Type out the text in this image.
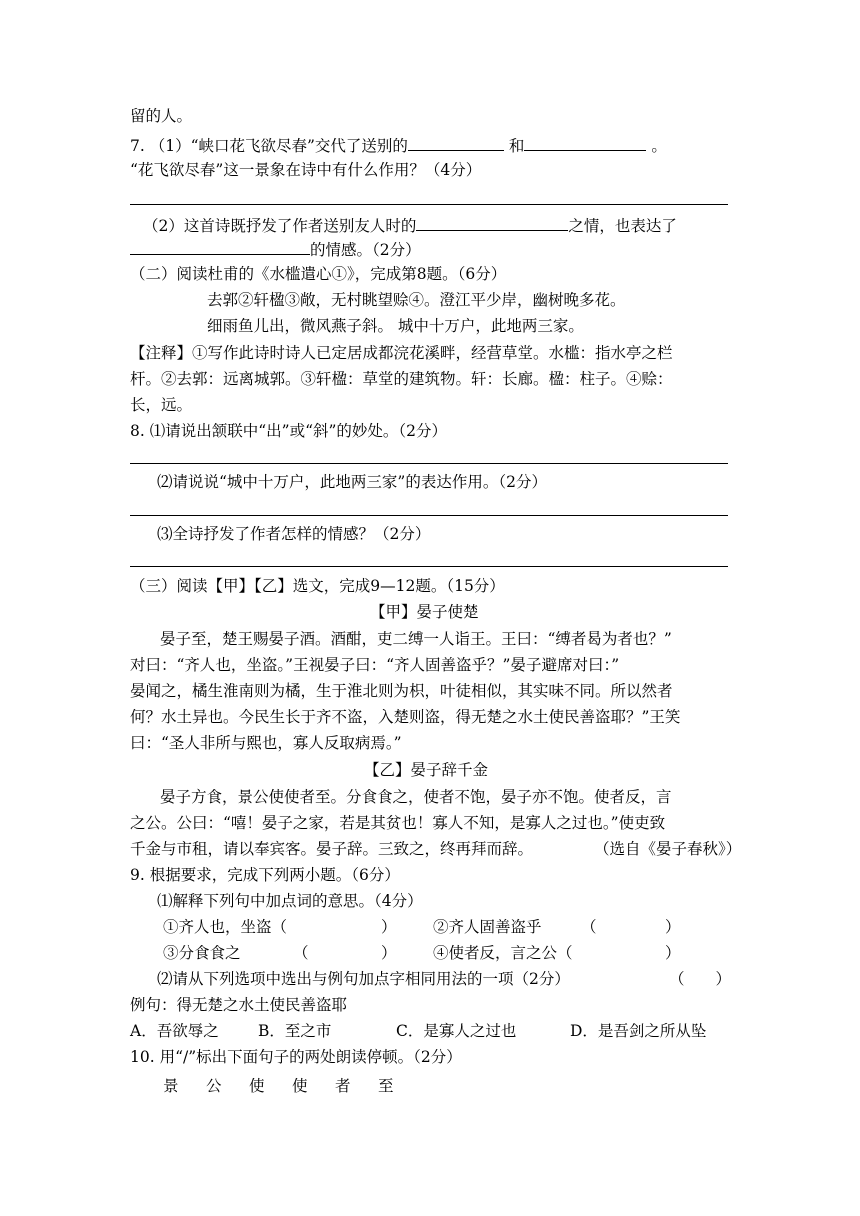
留的人。
7. （1）“峡口花飞欲尽春”交代了送别的	和	。
“花飞欲尽春”这一景象在诗中有什么作用？（4分）
（2）这首诗既抒发了作者送别友人时的	之情，也表达了
的情感。（2分）
（二）阅读杜甫的《水槛遣心①》，完成第8题。（6分）
去郭②轩楹③敞，无村眺望赊④。澄江平少岸，幽树晚多花。
细雨鱼儿出，微风燕子斜。 城中十万户，此地两三家。
【注释】①写作此诗时诗人已定居成都浣花溪畔，经营草堂。水槛：指水亭之栏
杆。②去郭：远离城郭。③轩楹：草堂的建筑物。轩：长廊。楹：柱子。④赊：
长，远。
8. ⑴请说出颔联中“出”或“斜”的妙处。（2分）
⑵请说说“城中十万户，此地两三家”的表达作用。（2分）
⑶全诗抒发了作者怎样的情感？（2分）
（三）阅读【甲】【乙】选文，完成9—12题。（15分）
【甲】晏子使楚
晏子至，楚王赐晏子酒。酒酣，吏二缚一人诣王。王曰：“缚者曷为者也？”
对曰：“齐人也，坐盗。”王视晏子曰：“齐人固善盗乎？”晏子避席对曰：”
晏闻之，橘生淮南则为橘，生于淮北则为枳，叶徒相似，其实味不同。所以然者
何？水土异也。今民生长于齐不盗，入楚则盗，得无楚之水土使民善盗耶？”王笑
曰：“圣人非所与熙也，寡人反取病焉。”
【乙】晏子辞千金
晏子方食，景公使使者至。分食食之，使者不饱，晏子亦不饱。使者反，言
之公。公曰：“嘻！晏子之家，若是其贫也！寡人不知，是寡人之过也。”使吏致
千金与市租，请以奉宾客。晏子辞。三致之，终再拜而辞。	（选自《晏子春秋》）
9. 根据要求，完成下列两小题。（6分）
⑴解释下列句中加点词的意思。（4分）
①齐人也，坐盗（	） ②齐人固善盗乎	（	）
③分食食之	（	） ④使者反，言之公（	）
⑵请从下列选项中选出与例句加点字相同用法的一项（2分）	（　　）
例句：得无楚之水土使民善盗耶
A．吾欲辱之	B．至之市	C．是寡人之过也	D．是吾剑之所从坠
10. 用“/”标出下面句子的两处朗读停顿。（2分）
景　公　使　使　者　至
